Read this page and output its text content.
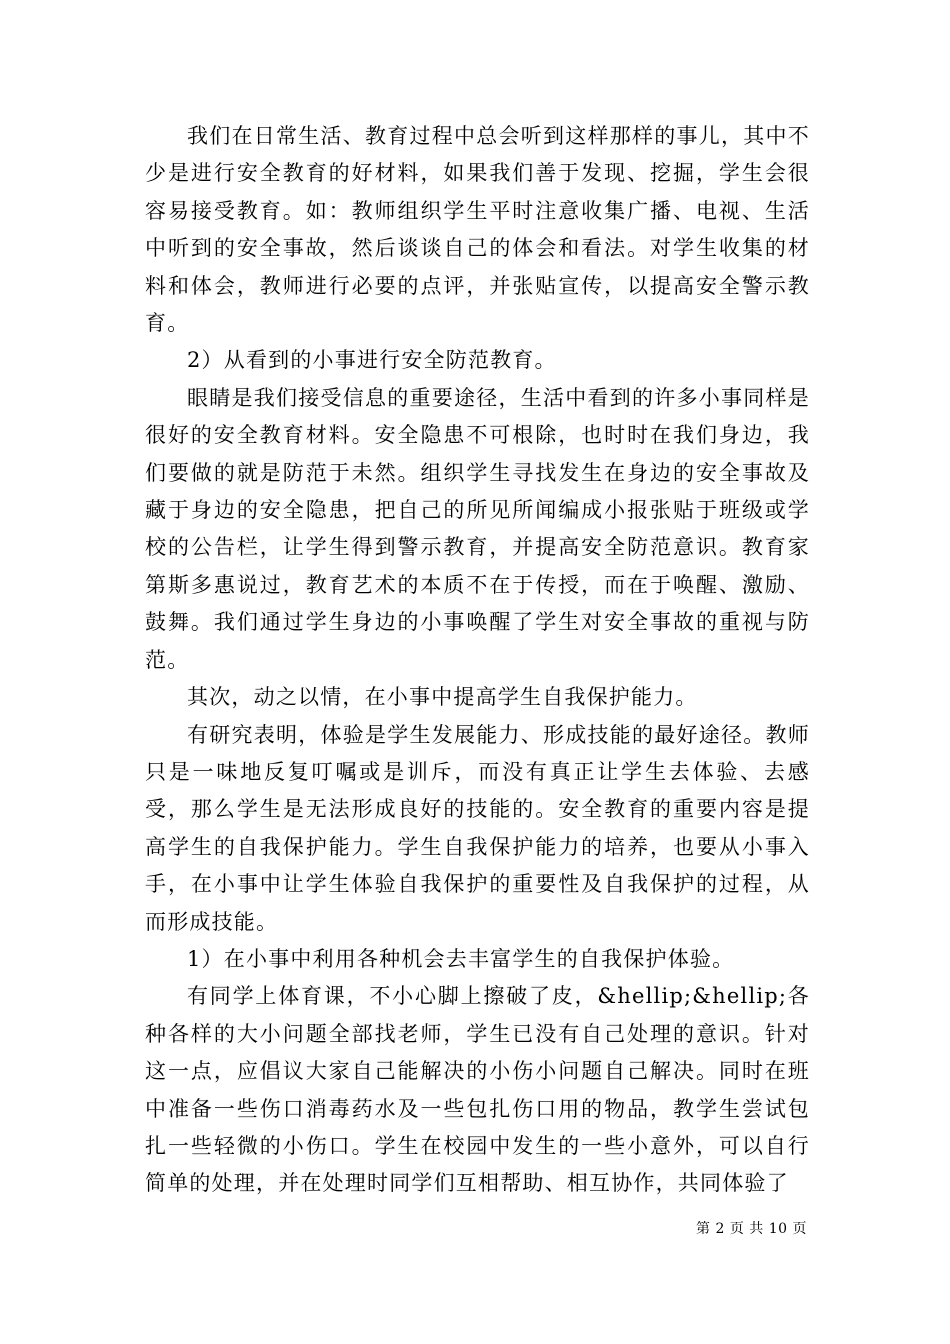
我们在日常生活、教育过程中总会听到这样那样的事儿，其中不少是进行安全教育的好材料，如果我们善于发现、挖掘，学生会很容易接受教育。如：教师组织学生平时注意收集广播、电视、生活中听到的安全事故，然后谈谈自己的体会和看法。对学生收集的材料和体会，教师进行必要的点评，并张贴宣传，以提高安全警示教育。

2）从看到的小事进行安全防范教育。

眼睛是我们接受信息的重要途径，生活中看到的许多小事同样是很好的安全教育材料。安全隐患不可根除，也时时在我们身边，我们要做的就是防范于未然。组织学生寻找发生在身边的安全事故及藏于身边的安全隐患，把自己的所见所闻编成小报张贴于班级或学校的公告栏，让学生得到警示教育，并提高安全防范意识。教育家第斯多惠说过，教育艺术的本质不在于传授，而在于唤醒、激励、鼓舞。我们通过学生身边的小事唤醒了学生对安全事故的重视与防范。

其次，动之以情，在小事中提高学生自我保护能力。

有研究表明，体验是学生发展能力、形成技能的最好途径。教师只是一味地反复叮嘱或是训斥，而没有真正让学生去体验、去感受，那么学生是无法形成良好的技能的。安全教育的重要内容是提高学生的自我保护能力。学生自我保护能力的培养，也要从小事入手，在小事中让学生体验自我保护的重要性及自我保护的过程，从而形成技能。

1）在小事中利用各种机会去丰富学生的自我保护体验。

有同学上体育课，不小心脚上擦破了皮，&hellip;&hellip;各种各样的大小问题全部找老师，学生已没有自己处理的意识。针对这一点，应倡议大家自己能解决的小伤小问题自己解决。同时在班中准备一些伤口消毒药水及一些包扎伤口用的物品，教学生尝试包扎一些轻微的小伤口。学生在校园中发生的一些小意外，可以自行简单的处理，并在处理时同学们互相帮助、相互协作，共同体验了

第 2 页 共 10 页
